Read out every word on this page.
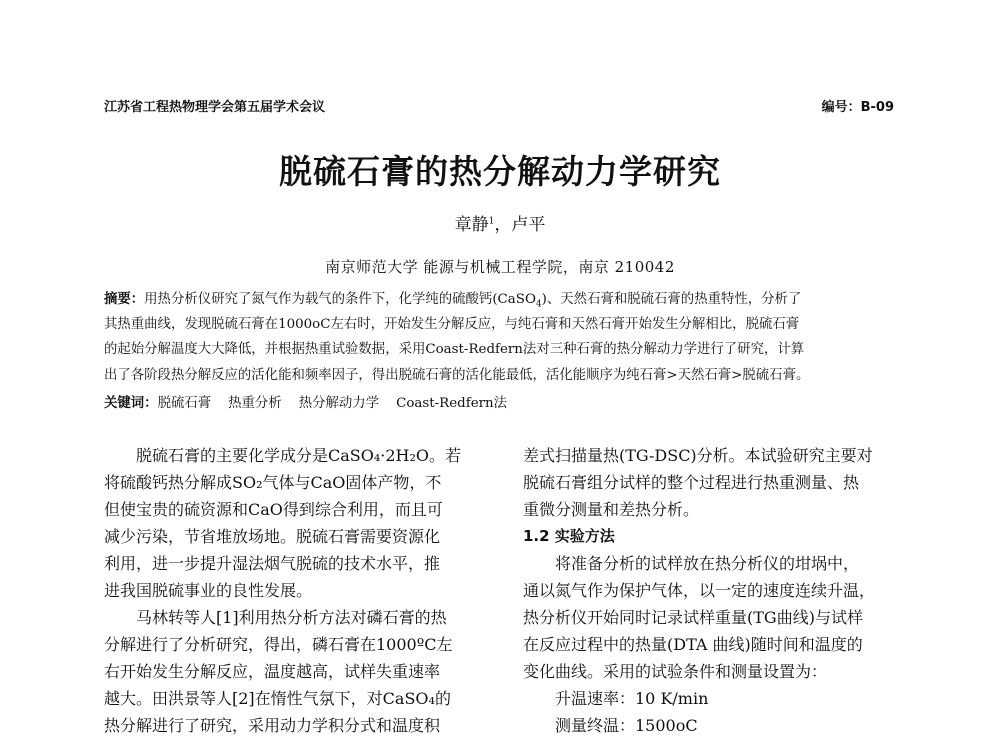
江苏省工程热物理学会第五届学术会议	编号：B-09
脱硫石膏的热分解动力学研究
章静$^1$，卢平
南京师范大学 能源与机械工程学院，南京 210042
摘要：用热分析仪研究了氮气作为载气的条件下，化学纯的硫酸钙(CaSO$_4$)、天然石膏和脱硫石膏的热重特性，分析了
其热重曲线，发现脱硫石膏在1000oC左右时，开始发生分解反应，与纯石膏和天然石膏开始发生分解相比，脱硫石膏
的起始分解温度大大降低，并根据热重试验数据，采用Coast-Redfern法对三种石膏的热分解动力学进行了研究，计算
出了各阶段热分解反应的活化能和频率因子，得出脱硫石膏的活化能最低，活化能顺序为纯石膏>天然石膏>脱硫石膏。
关键词：脱硫石膏    热重分析    热分解动力学    Coast-Redfern法
　　脱硫石膏的主要化学成分是CaSO₄·2H₂O。若
将硫酸钙热分解成SO₂气体与CaO固体产物，不
但使宝贵的硫资源和CaO得到综合利用，而且可
减少污染，节省堆放场地。脱硫石膏需要资源化
利用，进一步提升湿法烟气脱硫的技术水平，推
进我国脱硫事业的良性发展。
　　马林转等人[1]利用热分析方法对磷石膏的热
分解进行了分析研究，得出，磷石膏在1000ºC左
右开始发生分解反应，温度越高，试样失重速率
越大。田洪景等人[2]在惰性气氛下，对CaSO₄的
热分解进行了研究，采用动力学积分式和温度积
差式扫描量热(TG-DSC)分析。本试验研究主要对
脱硫石膏组分试样的整个过程进行热重测量、热
重微分测量和差热分析。
1.2 实验方法
　　将准备分析的试样放在热分析仪的坩埚中，
通以氮气作为保护气体，以一定的速度连续升温，
热分析仪开始同时记录试样重量(TG曲线)与试样
在反应过程中的热量(DTA 曲线)随时间和温度的
变化曲线。采用的试验条件和测量设置为：
　　升温速率：10 K/min
　　测量终温：1500oC
